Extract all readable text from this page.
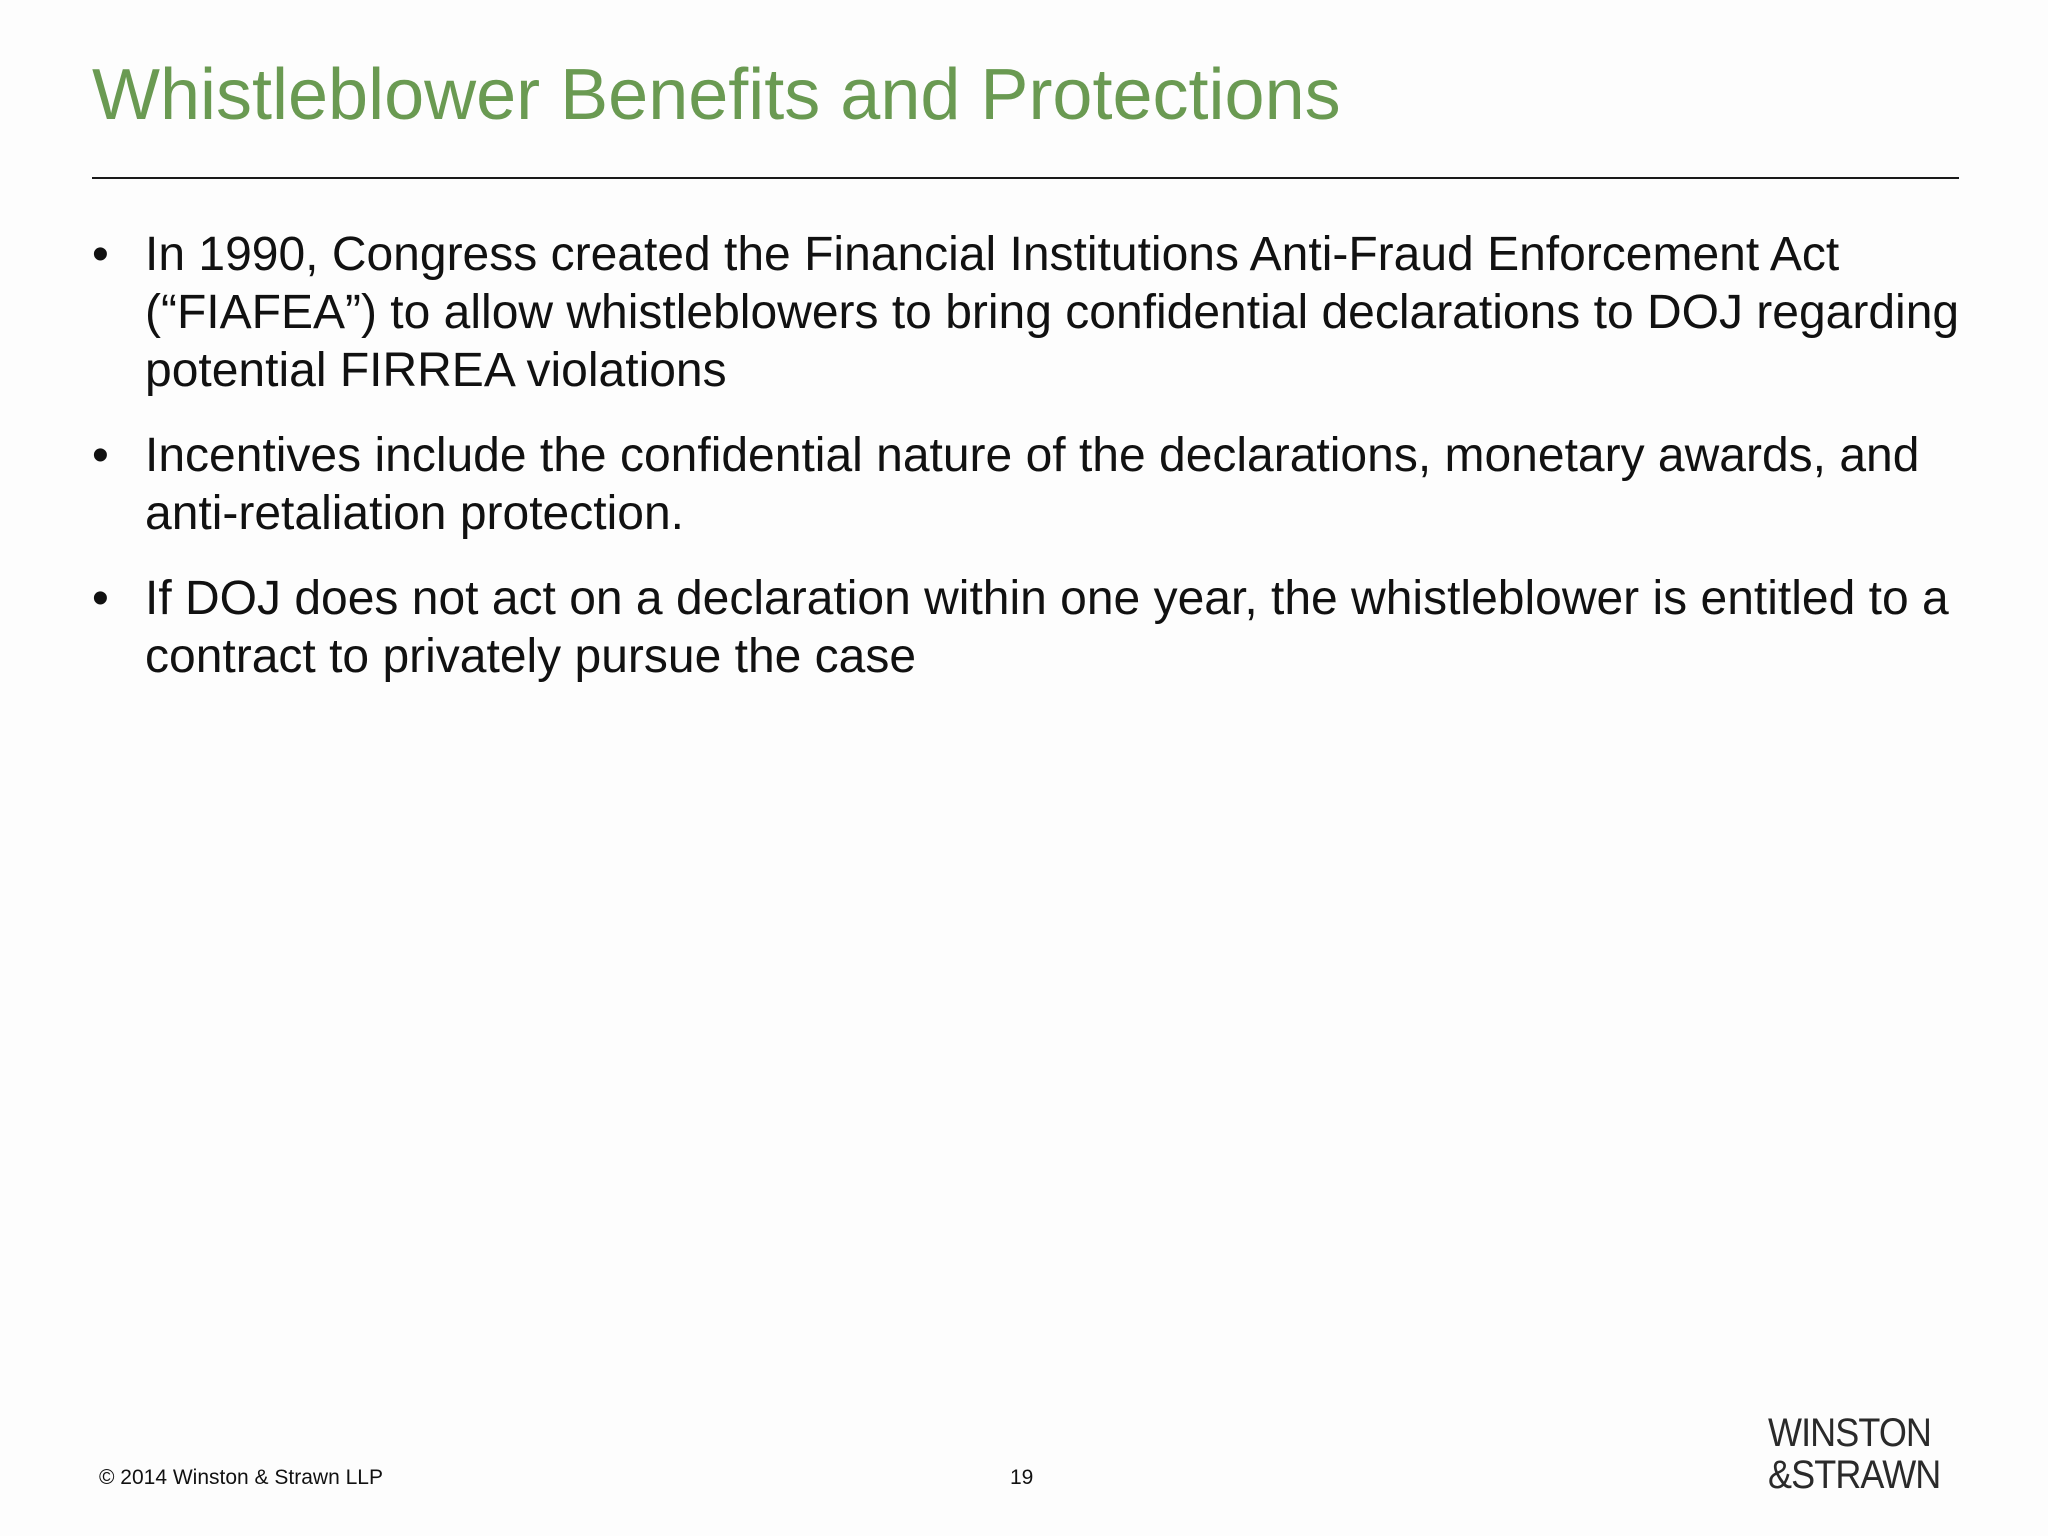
Whistleblower Benefits and Protections
• In 1990, Congress created the Financial Institutions Anti-Fraud Enforcement Act (“FIAFEA”) to allow whistleblowers to bring confidential declarations to DOJ regarding potential FIRREA violations
• Incentives include the confidential nature of the declarations, monetary awards, and anti-retaliation protection.
• If DOJ does not act on a declaration within one year, the whistleblower is entitled to a contract to privately pursue the case
© 2014 Winston & Strawn LLP	19
WINSTON
&STRAWN
